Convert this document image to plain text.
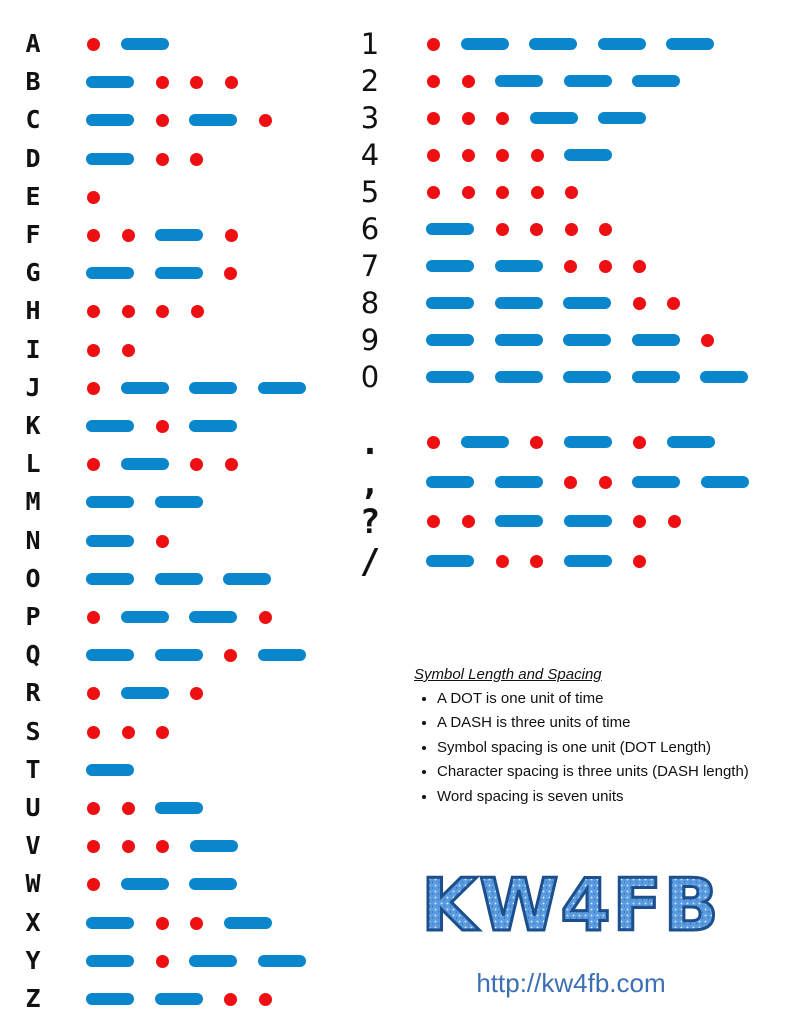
A
B
C
D
E
F
G
H
I
J
K
L
M
N
O
P
Q
R
S
T
U
V
W
X
Y
Z
1
2
3
4
5
6
7
8
9
0
.
,
?
/
Symbol Length and Spacing
• A DOT is one unit of time
• A DASH is three units of time
• Symbol spacing is one unit (DOT Length)
• Character spacing is three units (DASH length)
• Word spacing is seven units
KW4FB
http://kw4fb.com
